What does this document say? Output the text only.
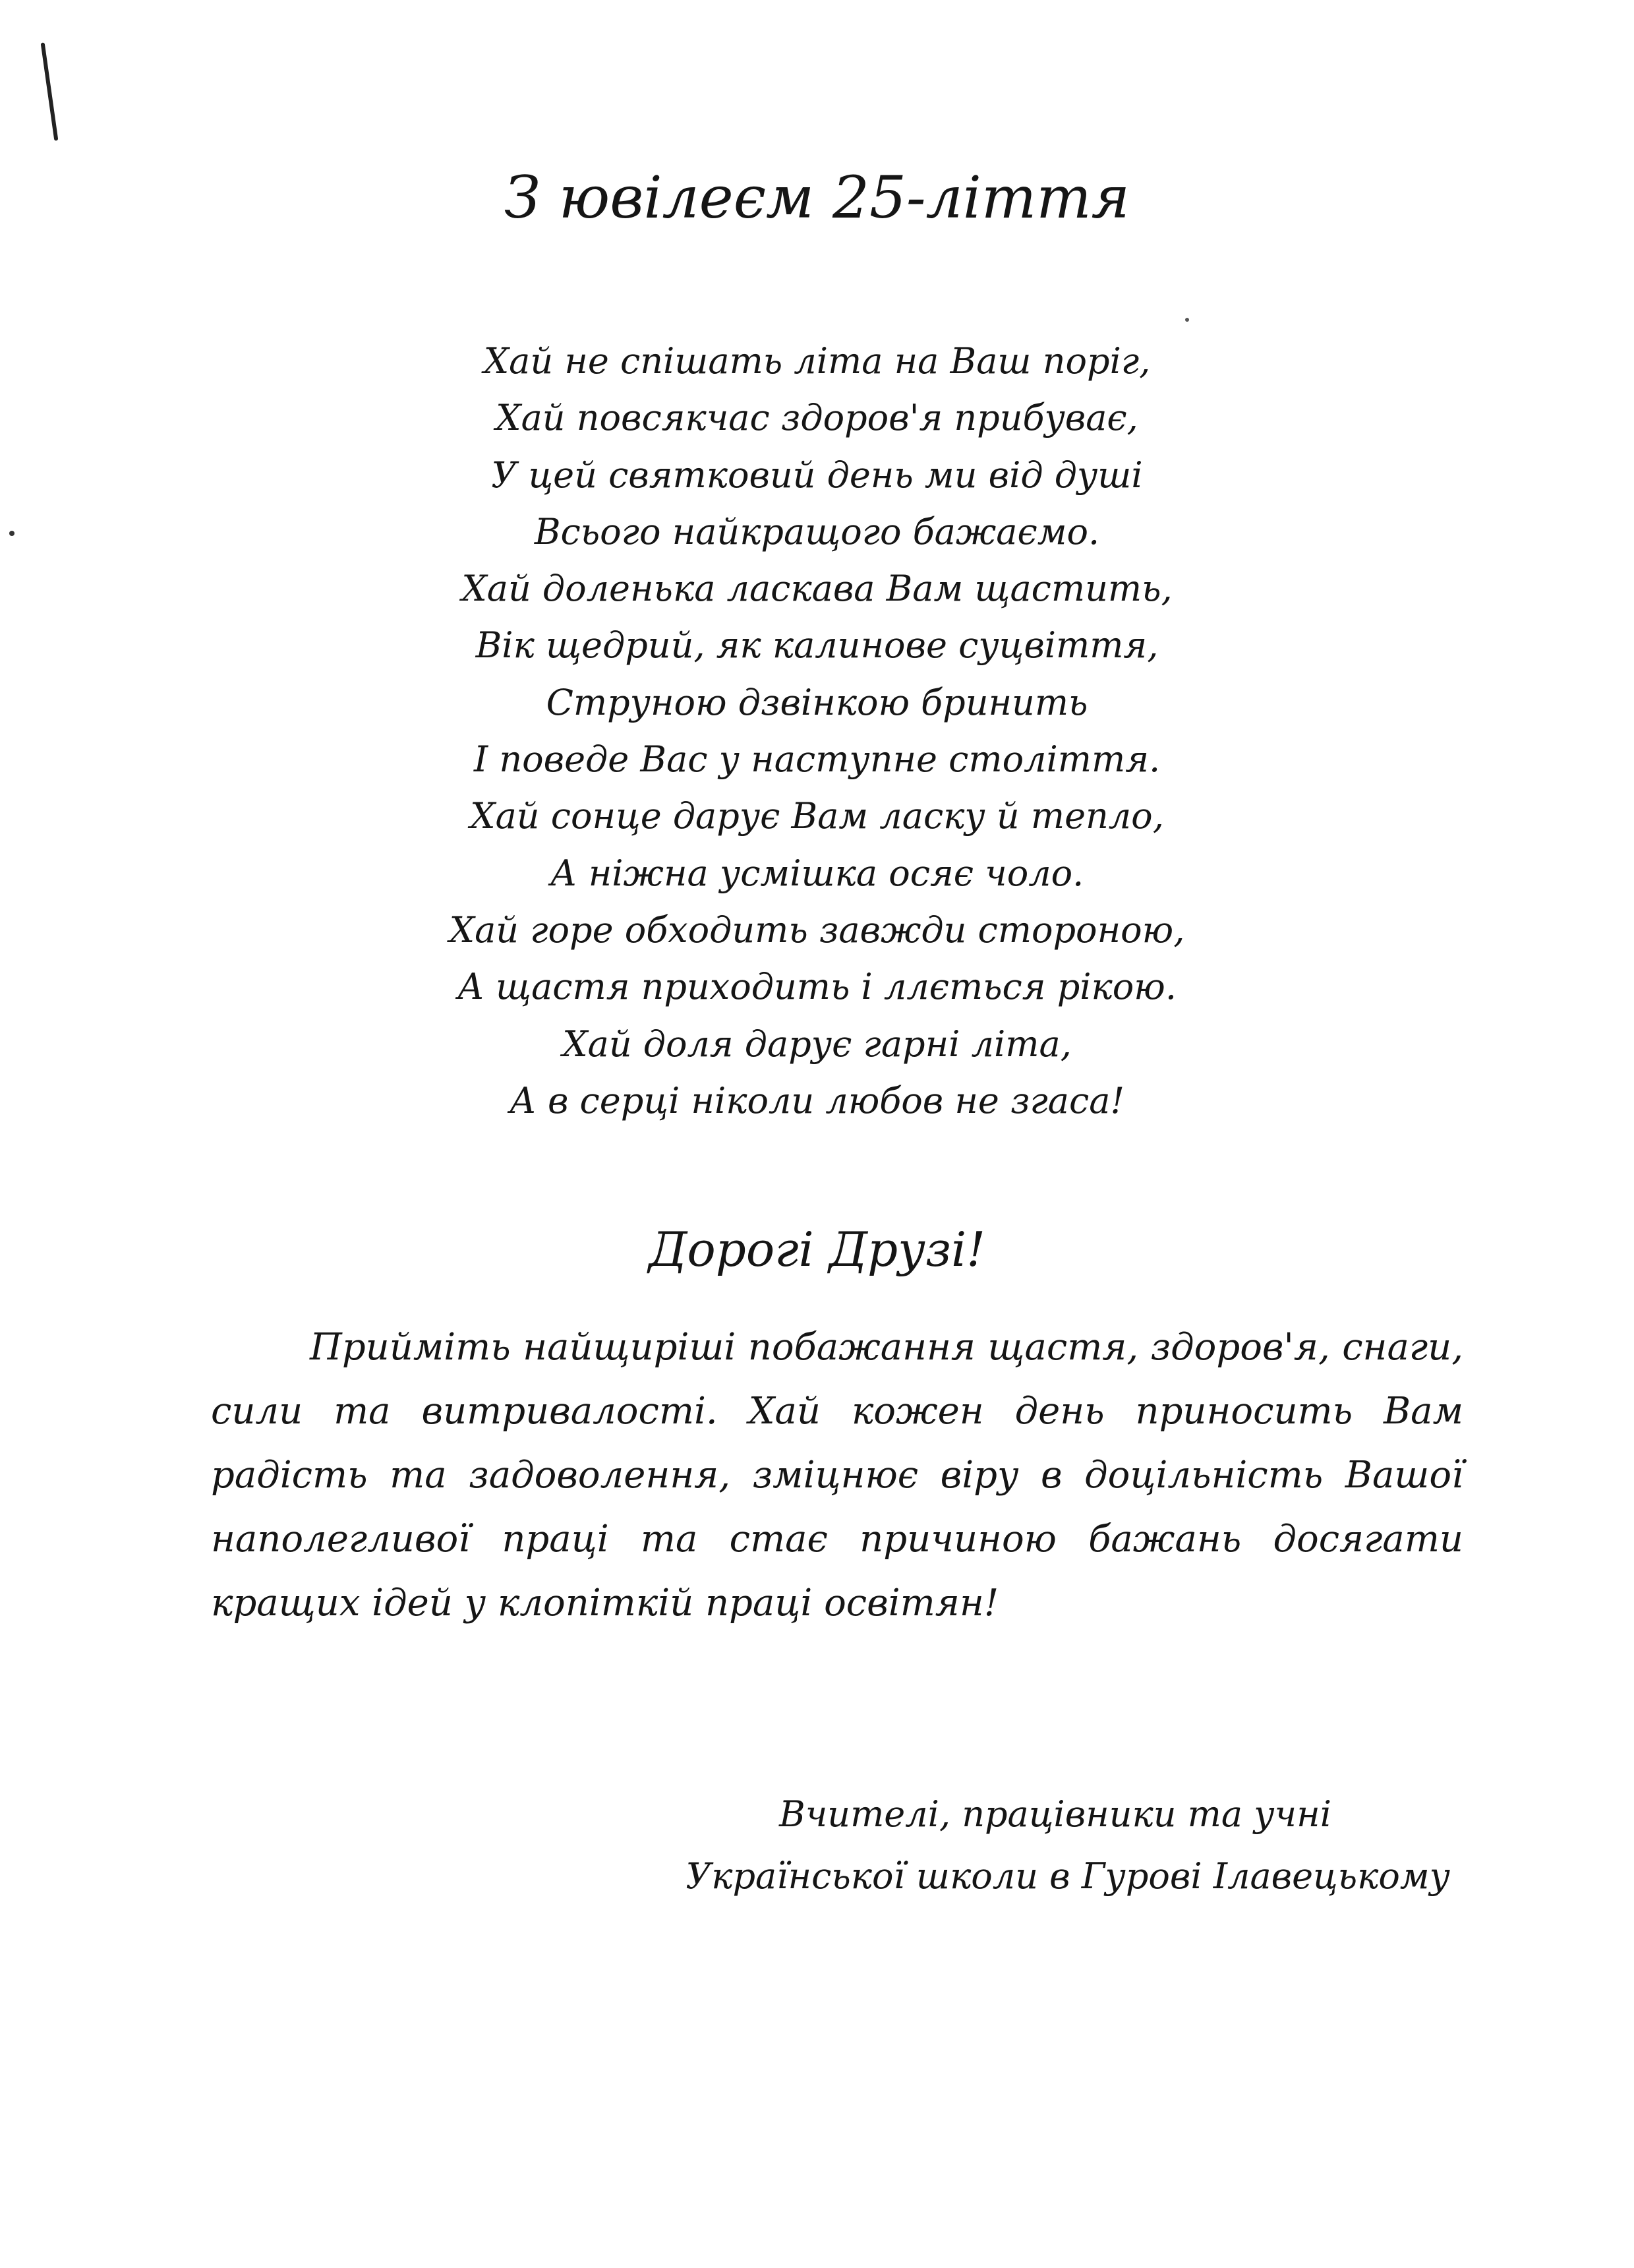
З ювілеєм 25-ліття
Хай не спішать літа на Ваш поріг,
Хай повсякчас здоров'я прибуває,
У цей святковий день ми від душі
Всього найкращого бажаємо.
Хай доленька ласкава Вам щастить,
Вік щедрий, як калинове суцвіття,
Струною дзвінкою бринить
І поведе Вас у наступне століття.
Хай сонце дарує Вам ласку й тепло,
А ніжна усмішка осяє чоло.
Хай горе обходить завжди стороною,
А щастя приходить і ллється рікою.
Хай доля дарує гарні літа,
А в серці ніколи любов не згаса!
Дорогі Друзі!

Прийміть найщиріші побажання щастя, здоров'я, снаги, сили та витривалості. Хай кожен день приносить Вам радість та задоволення, зміцнює віру в доцільність Вашої наполегливої праці та стає причиною бажань досягати кращих ідей у клопіткій праці освітян!

Вчителі, працівники та учні
Української школи в Гурові Ілавецькому
